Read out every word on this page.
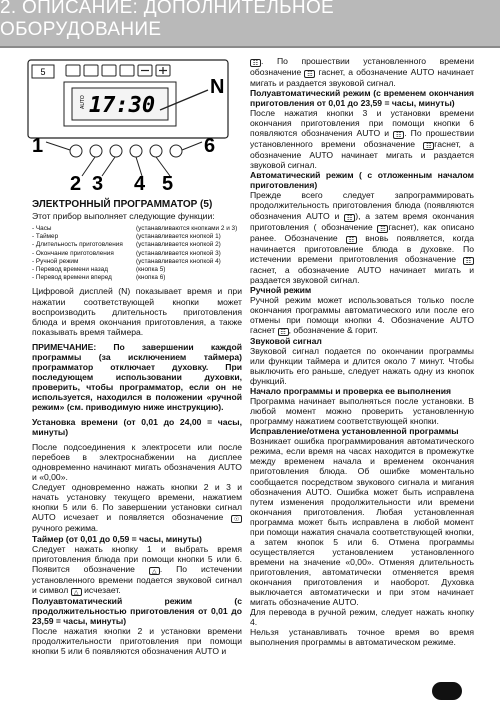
2. ОПИСАНИЕ: ДОПОЛНИТЕЛЬНОЕ ОБОРУДОВАНИЕ
5
AUTO 17:30
N
1
2 3 4 5
6
ЭЛЕКТРОННЫЙ ПРОГРАММАТОР (5)

Этот прибор выполняет следующие функции:

- Часы	(устанавливаются кнопками 2 и 3)
- Таймер	(устанавливается кнопкой 1)
- Длительность приготовления	(устанавливается кнопкой 2)
- Окончание приготовления	(устанавливается кнопкой 3)
- Ручной режим	(устанавливается кнопкой 4)
- Перевод времени назад	(кнопка 5)
- Перевод времени вперед	(кнопка 6)

Цифровой дисплей (N) показывает время и при нажатии соответствующей кнопки может воспроизводить длительность приготовления блюда и время окончания приготовления, а также показывать время таймера.

ПРИМЕЧАНИЕ: По завершении каждой программы (за исключением таймера) программатор отключает духовку. При последующем использовании духовки, проверить, чтобы программатор, если он не используется, находился в положении «ручной режим» (см. приводимую ниже инструкцию).

Установка времени (от 0,01 до 24,00 = часы, минуты)

После подсоединения к электросети или после перебоев в электроснабжении на дисплее одновременно начинают мигать обозначения AUTO и «0,00».

Следует одновременно нажать кнопки 2 и 3 и начать установку текущего времени, нажатием кнопки 5 или 6. По завершении установки сигнал AUTO исчезает и появляется обозначение ☉ ручного режима.

Таймер (от 0,01 до 0,59 = часы, минуты)

Следует нажать кнопку 1 и выбрать время приготовления блюда при помощи кнопки 5 или 6. Появится обозначение	△ . По истечении установленного времени подается звуковой сигнал и символ △ исчезает.

Полуавтоматический режим (с продолжительностью приготовления от 0,01 до 23,59 = часы, минуты)

После нажатия кнопки 2 и установки времени продолжительности приготовления при помощи кнопки 5 или 6 появляются обозначения AUTO и

☷ . По прошествии установленного времени обозначение ☷ гаснет, а обозначение AUTO начинает мигать и раздается звуковой сигнал.

Полуавтоматический режим (с временем окончания приготовления от 0,01 до 23,59 = часы, минуты)

После нажатия кнопки 3 и установки времени окончания приготовления при помощи кнопки 6 появляются обозначения AUTO и ☷ . По прошествии установленного времени обозначение ☷ гаснет, а обозначение AUTO начинает мигать и раздается звуковой сигнал.

Автоматический режим ( с отложенным началом приготовления)

Прежде всего следует запрограммировать продолжительность приготовления блюда (появляются обозначения AUTO и ☷ ), а затем время окончания приготовления ( обозначение ☷ гаснет), как описано ранее. Обозначение ☷ вновь появляется, когда начинается приготовление блюда в духовке. По истечении времени приготовления обозначение ☷ гаснет, а обозначение AUTO начинает мигать и раздается звуковой сигнал.

Ручной режим

Ручной режим может использоваться только после окончания программы автоматического или после его отмены при помощи кнопки 4. Обозначение AUTO гаснет ☷ , обозначение & горит.

Звуковой сигнал

Звуковой сигнал подается по окончании программы или функции таймера и длится около 7 минут. Чтобы выключить его раньше, следует нажать одну из кнопок функций.

Начало программы и проверка ее выполнения

Программа начинает выполняться после установки. В любой момент можно проверить установленную программу нажатием соответствующей кнопки.

Исправление/отмена установленной программы

Возникает ошибка программирования автоматического режима, если время на часах находится в промежутке между временем начала и временем окончания приготовления блюда. Об ошибке моментально сообщается посредством звукового сигнала и мигания обозначения AUTO. Ошибка может быть исправлена путем изменения продолжительности или времени окончания приготовления. Любая установленная программа может быть исправлена в любой момент при помощи нажатия сначала соответствующей кнопки, а затем кнопок 5 или 6. Отмена программы осуществляется установлением установленного времени на значение «0,00». Отменяя длительность приготовления, автоматически отменяется время окончания приготовления и наоборот. Духовка выключается автоматически и при этом начинает мигать обозначение AUTO.

Для перевода в ручной режим, следует нажать кнопку 4.

Нельзя устанавливать точное время во время выполнения программы в автоматическом режиме.
